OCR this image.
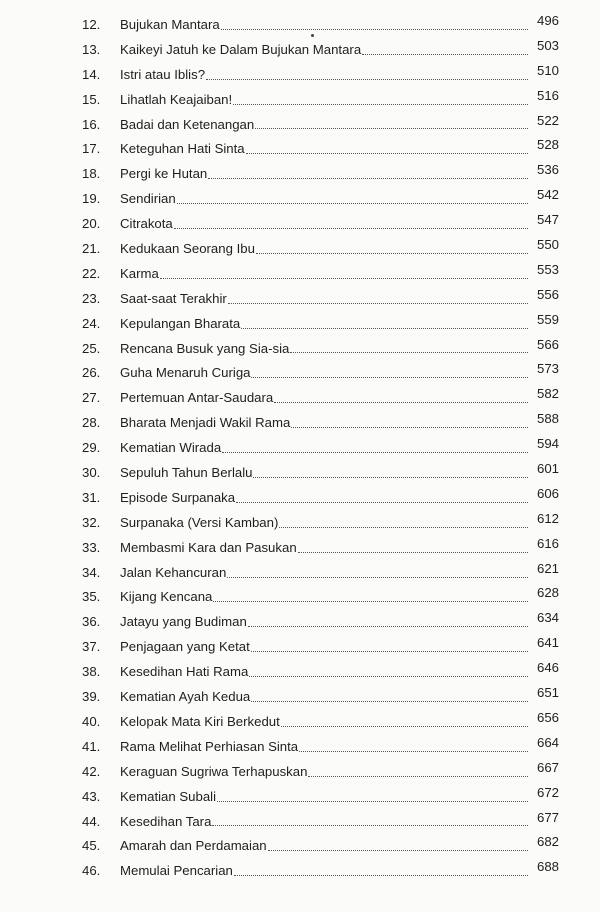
12.	Bujukan Mantara	496
13.	Kaikeyi Jatuh ke Dalam Bujukan Mantara	503
14.	Istri atau Iblis?	510
15.	Lihatlah Keajaiban!	516
16.	Badai dan Ketenangan	522
17.	Keteguhan Hati Sinta	528
18.	Pergi ke Hutan	536
19.	Sendirian	542
20.	Citrakota	547
21.	Kedukaan Seorang Ibu	550
22.	Karma	553
23.	Saat-saat Terakhir	556
24.	Kepulangan Bharata	559
25.	Rencana Busuk yang Sia-sia	566
26.	Guha Menaruh Curiga	573
27.	Pertemuan Antar-Saudara	582
28.	Bharata Menjadi Wakil Rama	588
29.	Kematian Wirada	594
30.	Sepuluh Tahun Berlalu	601
31.	Episode Surpanaka	606
32.	Surpanaka (Versi Kamban)	612
33.	Membasmi Kara dan Pasukan	616
34.	Jalan Kehancuran	621
35.	Kijang Kencana	628
36.	Jatayu yang Budiman	634
37.	Penjagaan yang Ketat	641
38.	Kesedihan Hati Rama	646
39.	Kematian Ayah Kedua	651
40.	Kelopak Mata Kiri Berkedut	656
41.	Rama Melihat Perhiasan Sinta	664
42.	Keraguan Sugriwa Terhapuskan	667
43.	Kematian Subali	672
44.	Kesedihan Tara	677
45.	Amarah dan Perdamaian	682
46.	Memulai Pencarian	688
